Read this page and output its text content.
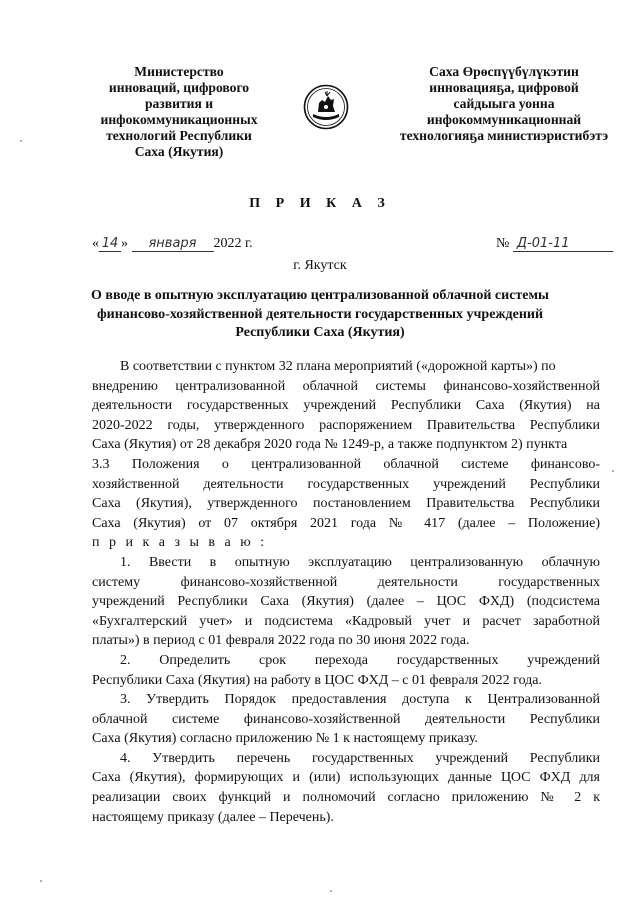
Министерство
инноваций, цифрового
развития и
инфокоммуникационных
технологий Республики
Саха (Якутия)
Саха Өрөспүүбүлүкэтин
инновацияҕа, цифровой
сайдыыга уонна
инфокоммуникационнай
технологияҕа министиэристибэтэ
П Р И К А З
« 14 » января 2022 г.	№ Д-01-11
г. Якутск
О вводе в опытную эксплуатацию централизованной облачной системы
финансово-хозяйственной деятельности государственных учреждений
Республики Саха (Якутия)
В соответствии с пунктом 32 плана мероприятий («дорожной карты») по
внедрению централизованной облачной системы финансово-хозяйственной
деятельности государственных учреждений Республики Саха (Якутия) на
2020-2022 годы, утвержденного распоряжением Правительства Республики
Саха (Якутия) от 28 декабря 2020 года № 1249-р, а также подпунктом 2) пункта
3.3 Положения о централизованной облачной системе финансово-
хозяйственной деятельности государственных учреждений Республики
Саха (Якутия), утвержденного постановлением Правительства Республики
Саха (Якутия) от 07 октября 2021 года № 417 (далее – Положение)
п р и к а з ы в а ю :
1. Ввести в опытную эксплуатацию централизованную облачную
систему финансово-хозяйственной деятельности государственных
учреждений Республики Саха (Якутия) (далее – ЦОС ФХД) (подсистема
«Бухгалтерский учет» и подсистема «Кадровый учет и расчет заработной
платы») в период с 01 февраля 2022 года по 30 июня 2022 года.
2. Определить срок перехода государственных учреждений
Республики Саха (Якутия) на работу в ЦОС ФХД – с 01 февраля 2022 года.
3. Утвердить Порядок предоставления доступа к Централизованной
облачной системе финансово-хозяйственной деятельности Республики
Саха (Якутия) согласно приложению № 1 к настоящему приказу.
4. Утвердить перечень государственных учреждений Республики
Саха (Якутия), формирующих и (или) использующих данные ЦОС ФХД для
реализации своих функций и полномочий согласно приложению № 2 к
настоящему приказу (далее – Перечень).
